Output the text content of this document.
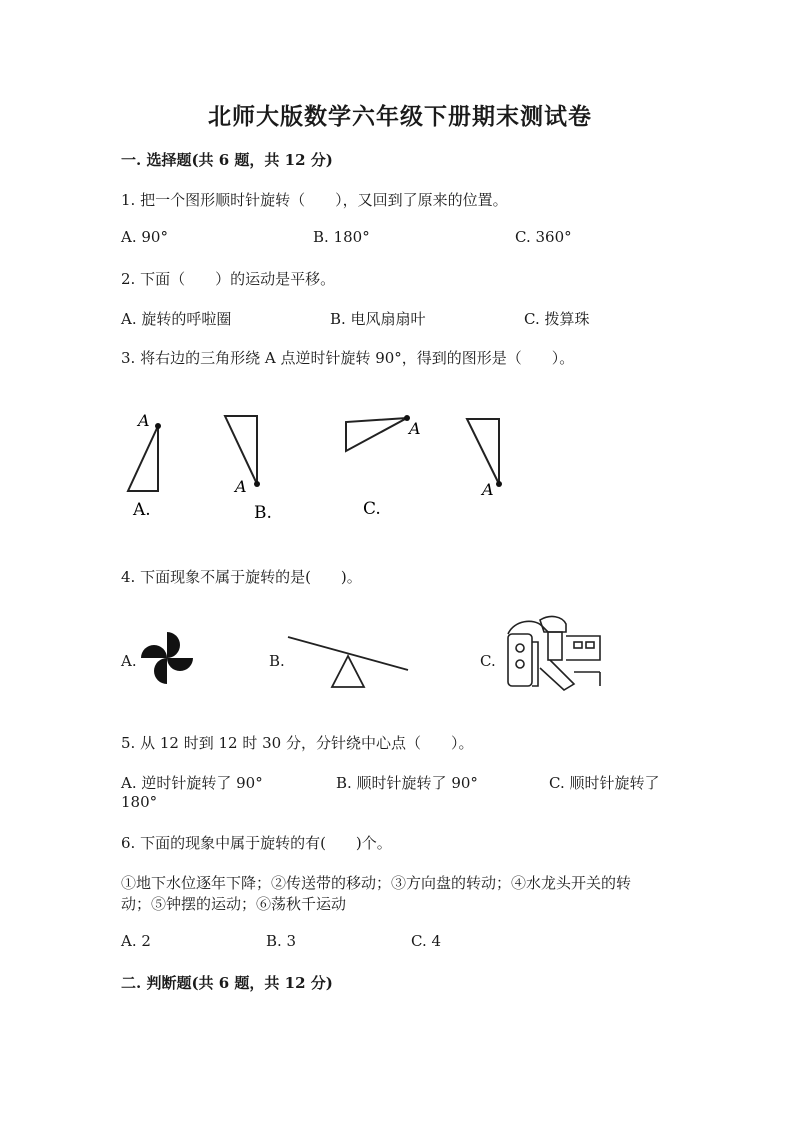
北师大版数学六年级下册期末测试卷
一. 选择题(共 6 题，共 12 分)
1. 把一个图形顺时针旋转（　　），又回到了原来的位置。
A. 90°	B. 180°	C. 360°
2. 下面（　　）的运动是平移。
A. 旋转的呼啦圈	B. 电风扇扇叶	C. 拨算珠
3. 将右边的三角形绕 A 点逆时针旋转 90°，得到的图形是（　　）。
A
A
A
A
A.	B.	C.
4. 下面现象不属于旋转的是(　　)。
A.	B.	C.
5. 从 12 时到 12 时 30 分，分针绕中心点（　　）。
A. 逆时针旋转了 90°	B. 顺时针旋转了 90°	C. 顺时针旋转了
180°
6. 下面的现象中属于旋转的有(　　)个。
①地下水位逐年下降；②传送带的移动；③方向盘的转动；④水龙头开关的转
动；⑤钟摆的运动；⑥荡秋千运动
A. 2	B. 3	C. 4
二. 判断题(共 6 题，共 12 分)
